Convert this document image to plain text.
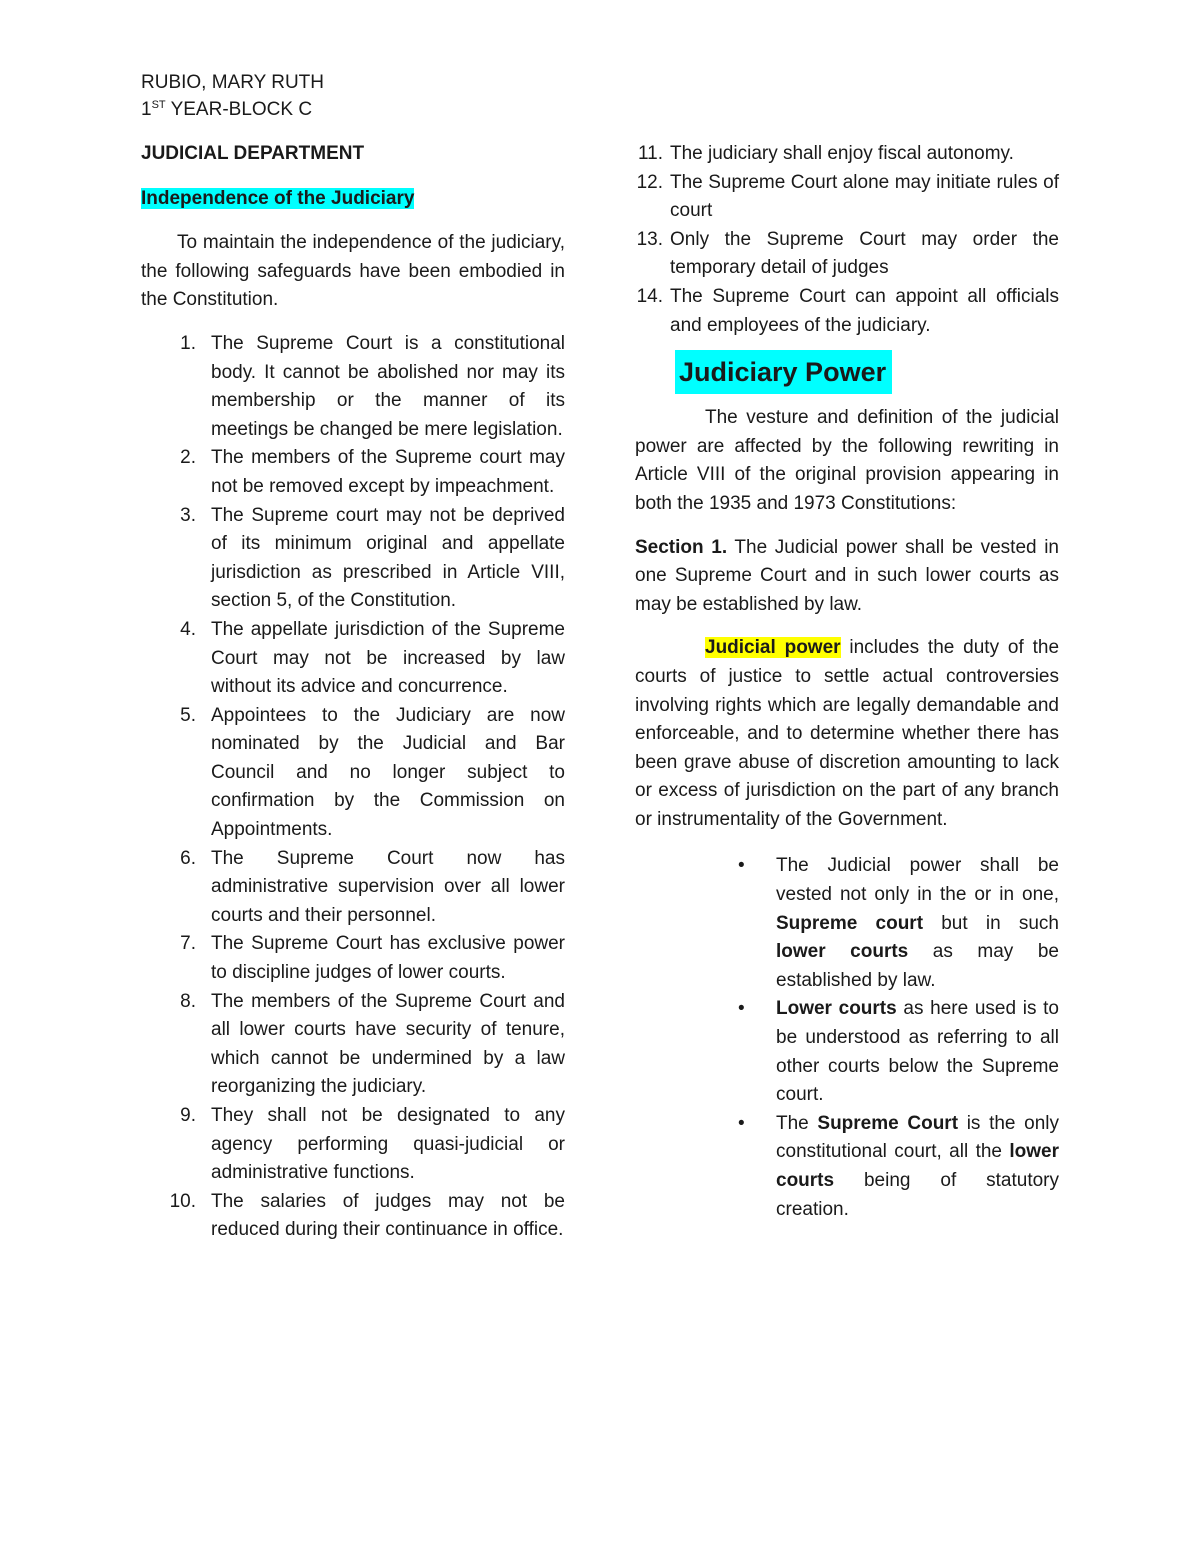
RUBIO, MARY RUTH
1ST YEAR-BLOCK C

JUDICIAL DEPARTMENT

Independence of the Judiciary

To maintain the independence of the judiciary, the following safeguards have been embodied in the Constitution.

1. The Supreme Court is a constitutional body. It cannot be abolished nor may its membership or the manner of its meetings be changed be mere legislation.
2. The members of the Supreme court may not be removed except by impeachment.
3. The Supreme court may not be deprived of its minimum original and appellate jurisdiction as prescribed in Article VIII, section 5, of the Constitution.
4. The appellate jurisdiction of the Supreme Court may not be increased by law without its advice and concurrence.
5. Appointees to the Judiciary are now nominated by the Judicial and Bar Council and no longer subject to confirmation by the Commission on Appointments.
6. The Supreme Court now has administrative supervision over all lower courts and their personnel.
7. The Supreme Court has exclusive power to discipline judges of lower courts.
8. The members of the Supreme Court and all lower courts have security of tenure, which cannot be undermined by a law reorganizing the judiciary.
9. They shall not be designated to any agency performing quasi-judicial or administrative functions.
10. The salaries of judges may not be reduced during their continuance in office.
11. The judiciary shall enjoy fiscal autonomy.
12. The Supreme Court alone may initiate rules of court
13. Only the Supreme Court may order the temporary detail of judges
14. The Supreme Court can appoint all officials and employees of the judiciary.
Judiciary Power

The vesture and definition of the judicial power are affected by the following rewriting in Article VIII of the original provision appearing in both the 1935 and 1973 Constitutions:

Section 1. The Judicial power shall be vested in one Supreme Court and in such lower courts as may be established by law.

Judicial power includes the duty of the courts of justice to settle actual controversies involving rights which are legally demandable and enforceable, and to determine whether there has been grave abuse of discretion amounting to lack or excess of jurisdiction on the part of any branch or instrumentality of the Government.

• The Judicial power shall be vested not only in the or in one, Supreme court but in such lower courts as may be established by law.
• Lower courts as here used is to be understood as referring to all other courts below the Supreme court.
• The Supreme Court is the only constitutional court, all the lower courts being of statutory creation.
